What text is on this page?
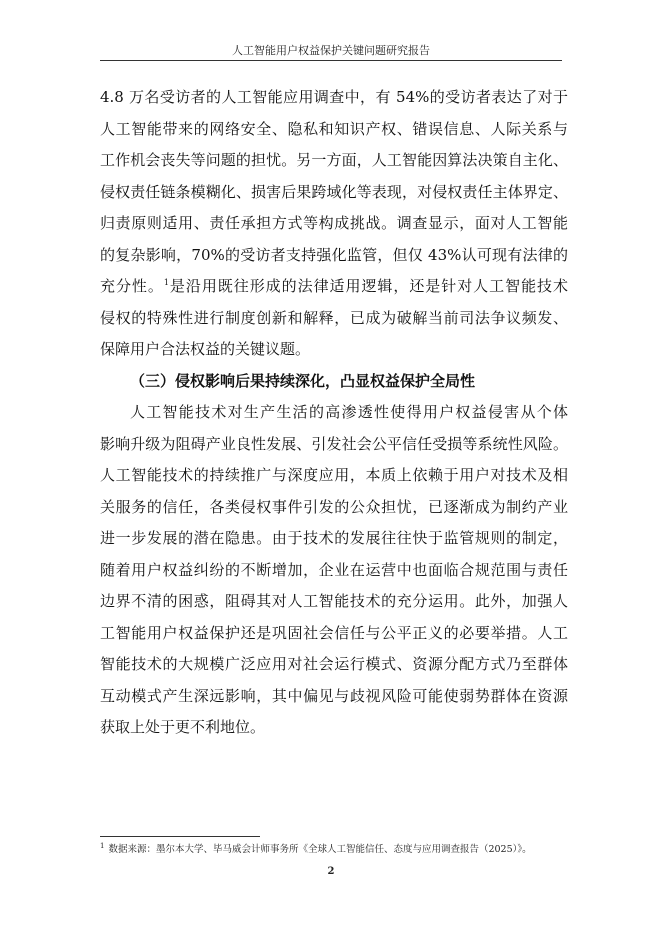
人工智能用户权益保护关键问题研究报告
4.8 万名受访者的人工智能应用调查中，有 54%的受访者表达了对于
人工智能带来的网络安全、隐私和知识产权、错误信息、人际关系与
工作机会丧失等问题的担忧。另一方面，人工智能因算法决策自主化、
侵权责任链条模糊化、损害后果跨域化等表现，对侵权责任主体界定、
归责原则适用、责任承担方式等构成挑战。调查显示，面对人工智能
的复杂影响，70%的受访者支持强化监管，但仅 43%认可现有法律的
充分性。$^1$是沿用既往形成的法律适用逻辑，还是针对人工智能技术
侵权的特殊性进行制度创新和解释，已成为破解当前司法争议频发、
保障用户合法权益的关键议题。
（三）侵权影响后果持续深化，凸显权益保护全局性
人工智能技术对生产生活的高渗透性使得用户权益侵害从个体
影响升级为阻碍产业良性发展、引发社会公平信任受损等系统性风险。
人工智能技术的持续推广与深度应用，本质上依赖于用户对技术及相
关服务的信任，各类侵权事件引发的公众担忧，已逐渐成为制约产业
进一步发展的潜在隐患。由于技术的发展往往快于监管规则的制定，
随着用户权益纠纷的不断增加，企业在运营中也面临合规范围与责任
边界不清的困惑，阻碍其对人工智能技术的充分运用。此外，加强人
工智能用户权益保护还是巩固社会信任与公平正义的必要举措。人工
智能技术的大规模广泛应用对社会运行模式、资源分配方式乃至群体
互动模式产生深远影响，其中偏见与歧视风险可能使弱势群体在资源
获取上处于更不利地位。
$^1$ 数据来源：墨尔本大学、毕马威会计师事务所《全球人工智能信任、态度与应用调查报告（2025）》。
2
